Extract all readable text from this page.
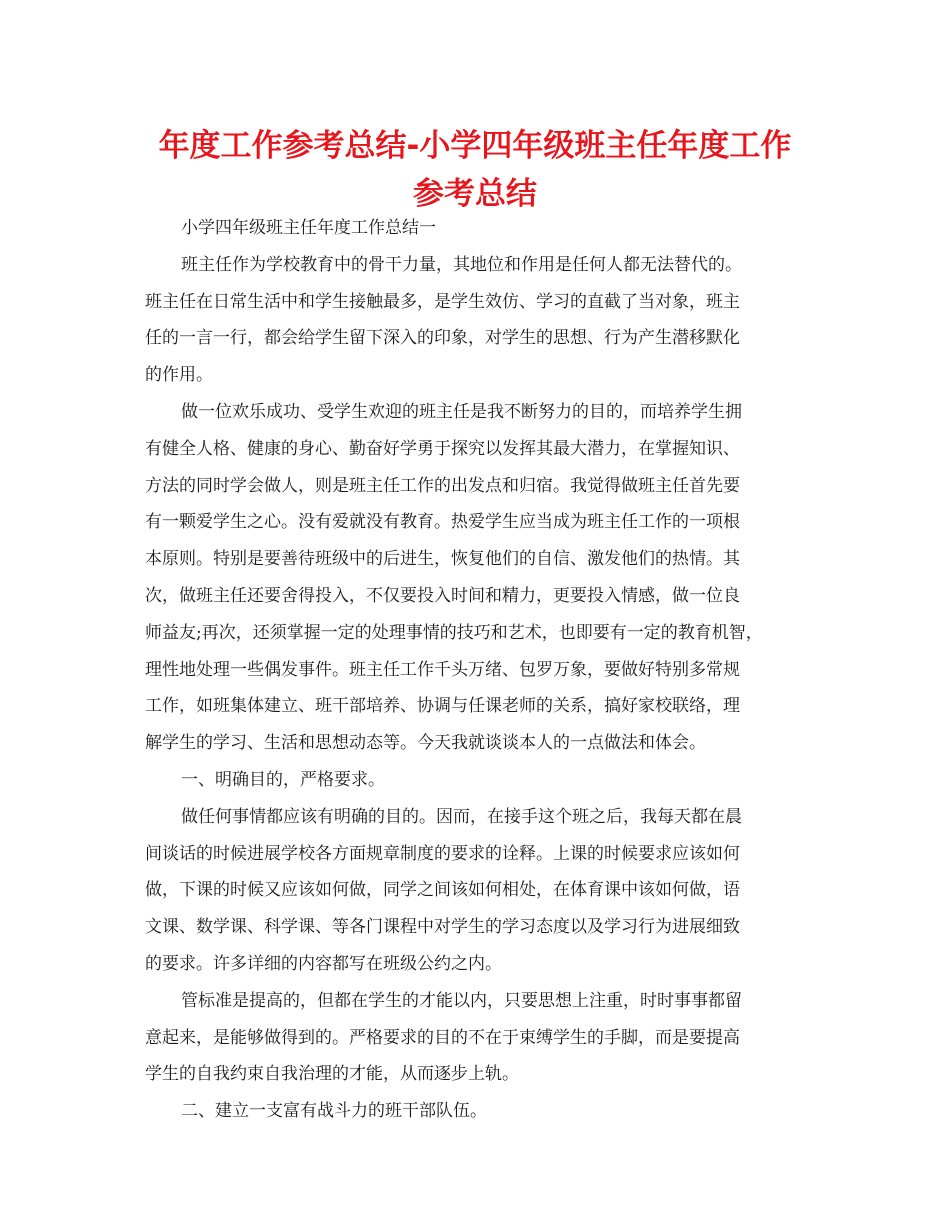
年度工作参考总结-小学四年级班主任年度工作
参考总结
小学四年级班主任年度工作总结一
班主任作为学校教育中的骨干力量，其地位和作用是任何人都无法替代的。
班主任在日常生活中和学生接触最多，是学生效仿、学习的直截了当对象，班主
任的一言一行，都会给学生留下深入的印象，对学生的思想、行为产生潜移默化
的作用。
做一位欢乐成功、受学生欢迎的班主任是我不断努力的目的，而培养学生拥
有健全人格、健康的身心、勤奋好学勇于探究以发挥其最大潜力，在掌握知识、
方法的同时学会做人，则是班主任工作的出发点和归宿。我觉得做班主任首先要
有一颗爱学生之心。没有爱就没有教育。热爱学生应当成为班主任工作的一项根
本原则。特别是要善待班级中的后进生，恢复他们的自信、激发他们的热情。其
次，做班主任还要舍得投入，不仅要投入时间和精力，更要投入情感，做一位良
师益友;再次，还须掌握一定的处理事情的技巧和艺术，也即要有一定的教育机智，
理性地处理一些偶发事件。班主任工作千头万绪、包罗万象，要做好特别多常规
工作，如班集体建立、班干部培养、协调与任课老师的关系，搞好家校联络，理
解学生的学习、生活和思想动态等。今天我就谈谈本人的一点做法和体会。
一、明确目的，严格要求。
做任何事情都应该有明确的目的。因而，在接手这个班之后，我每天都在晨
间谈话的时候进展学校各方面规章制度的要求的诠释。上课的时候要求应该如何
做，下课的时候又应该如何做，同学之间该如何相处，在体育课中该如何做，语
文课、数学课、科学课、等各门课程中对学生的学习态度以及学习行为进展细致
的要求。许多详细的内容都写在班级公约之内。
管标准是提高的，但都在学生的才能以内，只要思想上注重，时时事事都留
意起来，是能够做得到的。严格要求的目的不在于束缚学生的手脚，而是要提高
学生的自我约束自我治理的才能，从而逐步上轨。
二、建立一支富有战斗力的班干部队伍。
